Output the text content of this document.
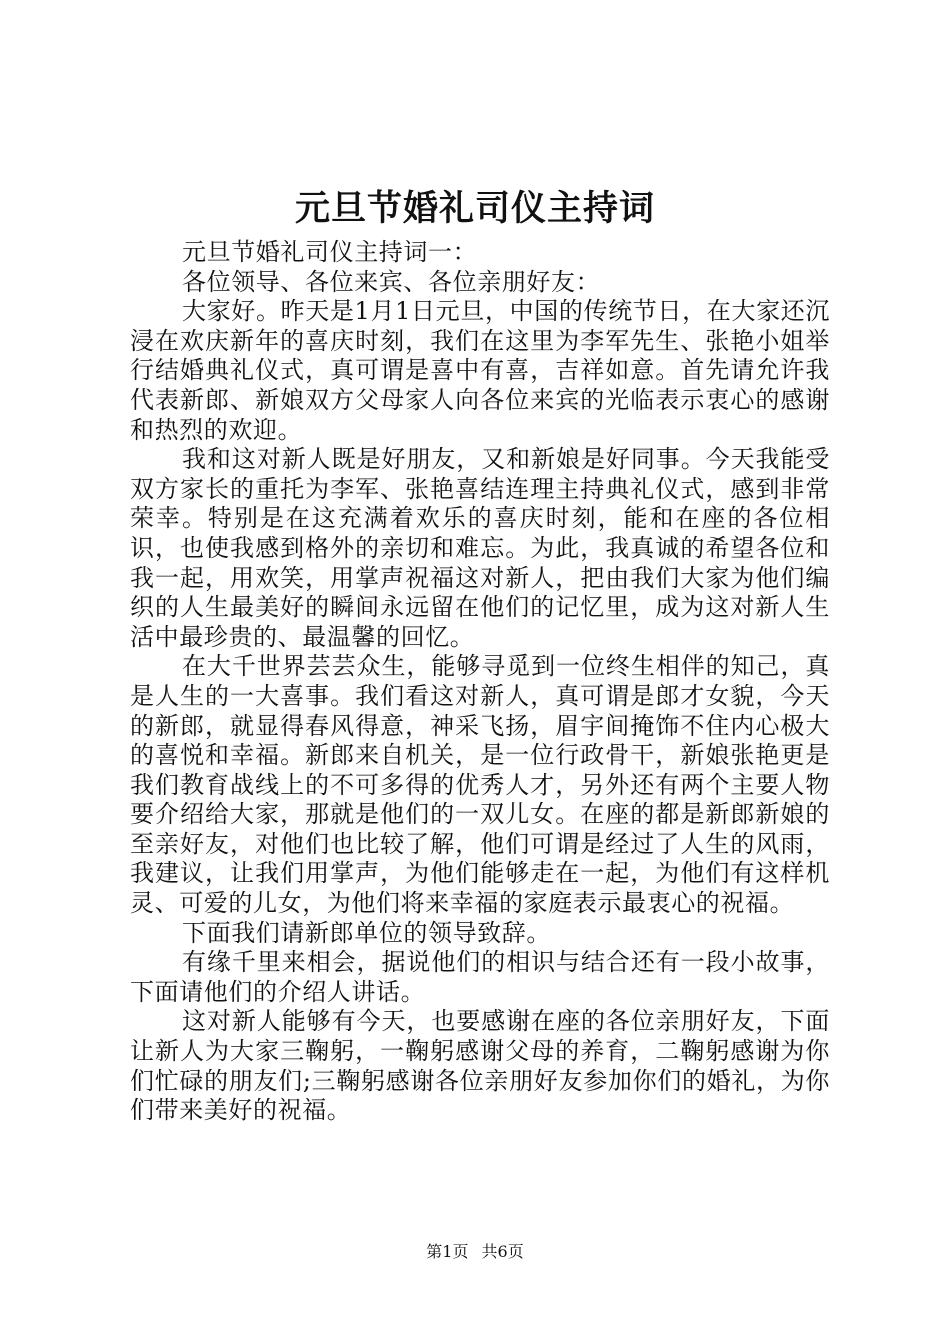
元旦节婚礼司仪主持词

元旦节婚礼司仪主持词一：

各位领导、各位来宾、各位亲朋好友：

大家好。昨天是1月1日元旦，中国的传统节日，在大家还沉浸在欢庆新年的喜庆时刻，我们在这里为李军先生、张艳小姐举行结婚典礼仪式，真可谓是喜中有喜，吉祥如意。首先请允许我代表新郎、新娘双方父母家人向各位来宾的光临表示衷心的感谢和热烈的欢迎。

我和这对新人既是好朋友，又和新娘是好同事。今天我能受双方家长的重托为李军、张艳喜结连理主持典礼仪式，感到非常荣幸。特别是在这充满着欢乐的喜庆时刻，能和在座的各位相识，也使我感到格外的亲切和难忘。为此，我真诚的希望各位和我一起，用欢笑，用掌声祝福这对新人，把由我们大家为他们编织的人生最美好的瞬间永远留在他们的记忆里，成为这对新人生活中最珍贵的、最温馨的回忆。

在大千世界芸芸众生，能够寻觅到一位终生相伴的知己，真是人生的一大喜事。我们看这对新人，真可谓是郎才女貌，今天的新郎，就显得春风得意，神采飞扬，眉宇间掩饰不住内心极大的喜悦和幸福。新郎来自机关，是一位行政骨干，新娘张艳更是我们教育战线上的不可多得的优秀人才，另外还有两个主要人物要介绍给大家，那就是他们的一双儿女。在座的都是新郎新娘的至亲好友，对他们也比较了解，他们可谓是经过了人生的风雨，我建议，让我们用掌声，为他们能够走在一起，为他们有这样机灵、可爱的儿女，为他们将来幸福的家庭表示最衷心的祝福。

下面我们请新郎单位的领导致辞。

有缘千里来相会，据说他们的相识与结合还有一段小故事，下面请他们的介绍人讲话。

这对新人能够有今天，也要感谢在座的各位亲朋好友，下面让新人为大家三鞠躬，一鞠躬感谢父母的养育，二鞠躬感谢为你们忙碌的朋友们;三鞠躬感谢各位亲朋好友参加你们的婚礼，为你们带来美好的祝福。

第1页 共6页
